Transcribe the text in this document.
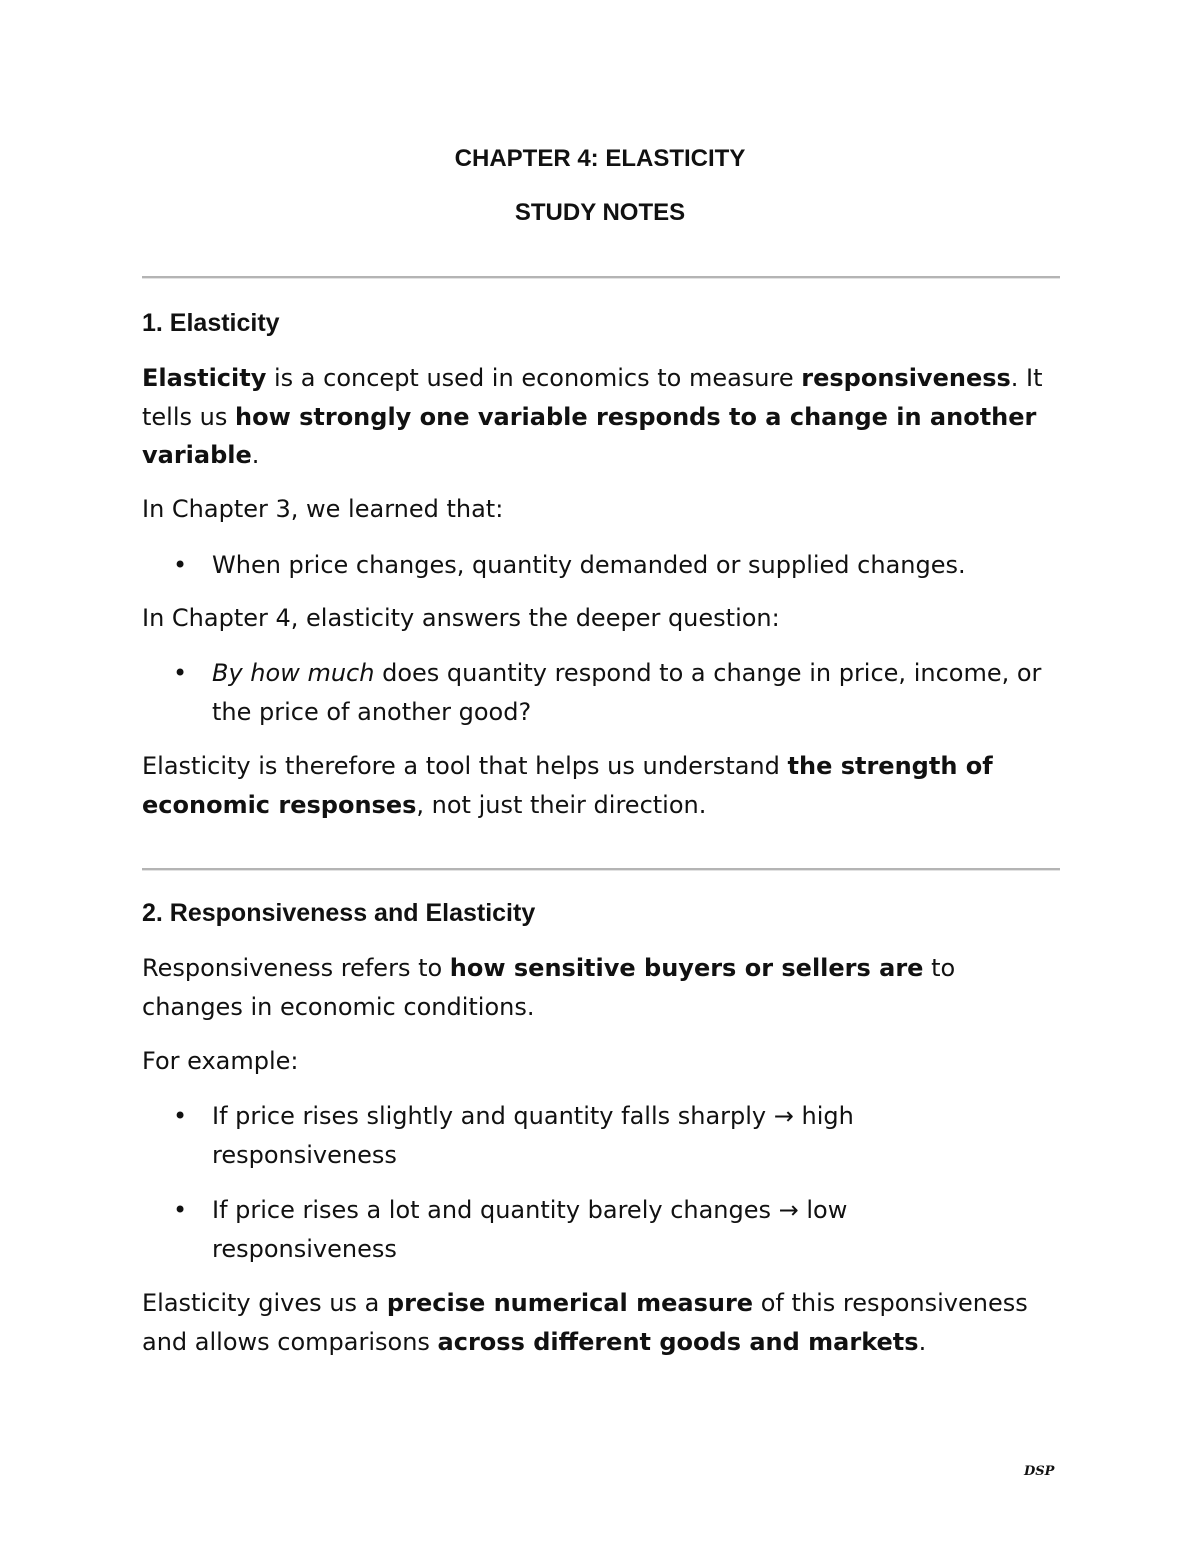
CHAPTER 4: ELASTICITY
STUDY NOTES
1. Elasticity

Elasticity is a concept used in economics to measure responsiveness. It tells us how strongly one variable responds to a change in another variable.

In Chapter 3, we learned that:
• When price changes, quantity demanded or supplied changes.
In Chapter 4, elasticity answers the deeper question:
• By how much does quantity respond to a change in price, income, or the price of another good?

Elasticity is therefore a tool that helps us understand the strength of economic responses, not just their direction.

2. Responsiveness and Elasticity

Responsiveness refers to how sensitive buyers or sellers are to changes in economic conditions.

For example:
• If price rises slightly and quantity falls sharply → high responsiveness
• If price rises a lot and quantity barely changes → low responsiveness

Elasticity gives us a precise numerical measure of this responsiveness and allows comparisons across different goods and markets.

DSP
